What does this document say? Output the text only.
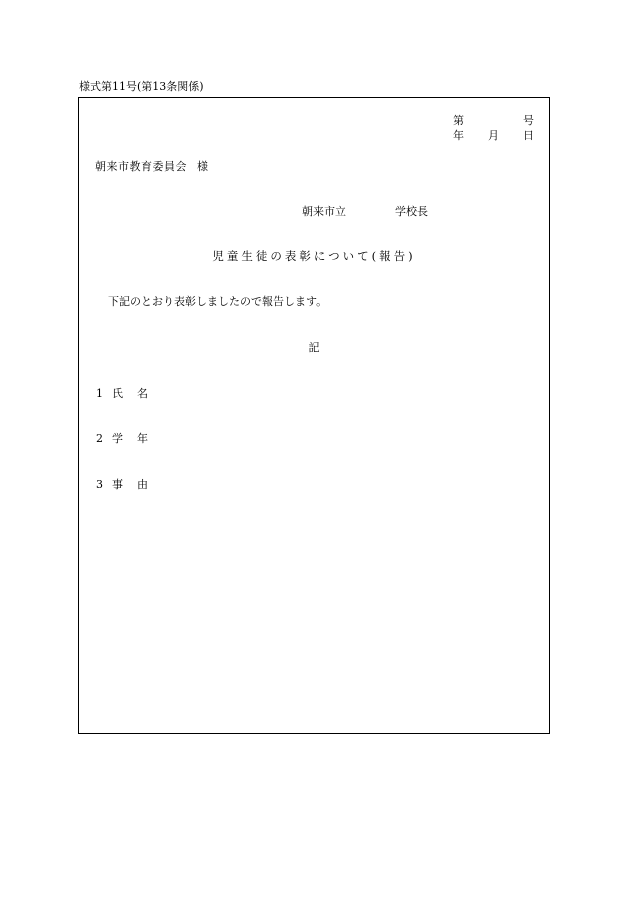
様式第11号(第13条関係)
第	号
年 月 日
朝来市教育委員会 様
朝来市立	学校長
児童生徒の表彰について(報告)
下記のとおり表彰しましたので報告します。
記
1 氏名
2 学年
3 事由
